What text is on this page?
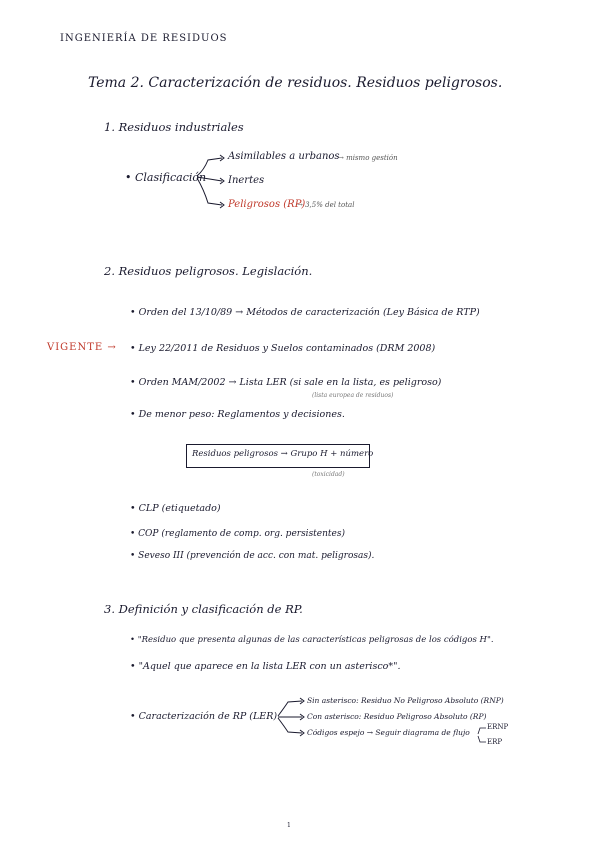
INGENIERÍA DE RESIDUOS
Tema 2. Caracterización de residuos. Residuos peligrosos.
1. Residuos industriales
• Clasificación
Asimilables a urbanos
→ mismo gestión
Inertes
Peligrosos (RP)
→ 3,5% del total
2. Residuos peligrosos. Legislación.
• Orden del 13/10/89 → Métodos de caracterización (Ley Básica de RTP)
VIGENTE → • Ley 22/2011 de Residuos y Suelos contaminados (DRM 2008)
• Orden MAM/2002 → Lista LER (si sale en la lista, es peligroso)
(lista europea de residuos)
• De menor peso: Reglamentos y decisiones.
Residuos peligrosos → Grupo H + número
(toxicidad)
• CLP (etiquetado)
• COP (reglamento de comp. org. persistentes)
• Seveso III (prevención de acc. con mat. peligrosas).
3. Definición y clasificación de RP.
• "Residuo que presenta algunas de las características peligrosas de los códigos H".
• "Aquel que aparece en la lista LER con un asterisco*".
• Caracterización de RP (LER)
Sin asterisco: Residuo No Peligroso Absoluto (RNP)
Con asterisco: Residuo Peligroso Absoluto (RP)
Códigos espejo → Seguir diagrama de flujo
ERNP
ERP
1
